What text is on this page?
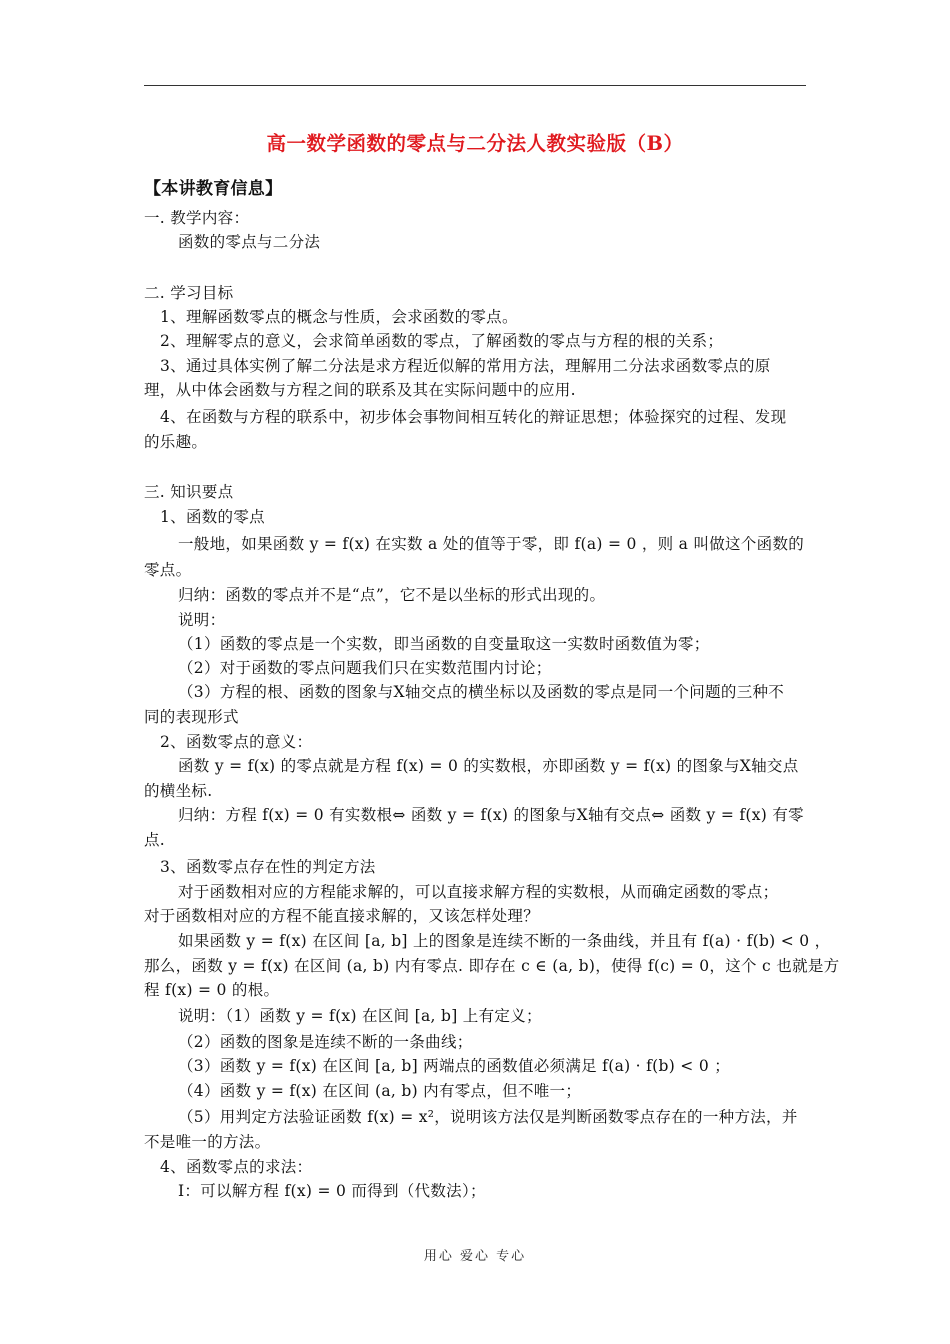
高一数学函数的零点与二分法人教实验版（B）
【本讲教育信息】
一. 教学内容：
函数的零点与二分法
二. 学习目标
1、理解函数零点的概念与性质，会求函数的零点。
2、理解零点的意义，会求简单函数的零点，了解函数的零点与方程的根的关系；
3、通过具体实例了解二分法是求方程近似解的常用方法，理解用二分法求函数零点的原
理，从中体会函数与方程之间的联系及其在实际问题中的应用.
4、在函数与方程的联系中，初步体会事物间相互转化的辩证思想；体验探究的过程、发现
的乐趣。
三. 知识要点
1、函数的零点
一般地，如果函数 y = f(x) 在实数 a 处的值等于零，即 f(a) = 0 ，则 a 叫做这个函数的
零点。
归纳：函数的零点并不是“点”，它不是以坐标的形式出现的。
说明：
（1）函数的零点是一个实数，即当函数的自变量取这一实数时函数值为零；
（2）对于函数的零点问题我们只在实数范围内讨论；
（3）方程的根、函数的图象与X轴交点的横坐标以及函数的零点是同一个问题的三种不
同的表现形式
2、函数零点的意义：
函数 y = f(x) 的零点就是方程 f(x) = 0 的实数根，亦即函数 y = f(x) 的图象与X轴交点
的横坐标.
归纳：方程 f(x) = 0 有实数根⇔ 函数 y = f(x) 的图象与X轴有交点⇔ 函数 y = f(x) 有零
点.
3、函数零点存在性的判定方法
对于函数相对应的方程能求解的，可以直接求解方程的实数根，从而确定函数的零点；
对于函数相对应的方程不能直接求解的，又该怎样处理？
如果函数 y = f(x) 在区间 [a, b] 上的图象是连续不断的一条曲线，并且有 f(a) · f(b) < 0 ，
那么，函数 y = f(x) 在区间 (a, b) 内有零点. 即存在 c ∈ (a, b)，使得 f(c) = 0，这个 c 也就是方
程 f(x) = 0 的根。
说明：（1）函数 y = f(x) 在区间 [a, b] 上有定义；
（2）函数的图象是连续不断的一条曲线；
（3）函数 y = f(x) 在区间 [a, b] 两端点的函数值必须满足 f(a) · f(b) < 0 ；
（4）函数 y = f(x) 在区间 (a, b) 内有零点，但不唯一；
（5）用判定方法验证函数 f(x) = x²，说明该方法仅是判断函数零点存在的一种方法，并
不是唯一的方法。
4、函数零点的求法：
Ⅰ：可以解方程 f(x) = 0 而得到（代数法）；
用心 爱心 专心
